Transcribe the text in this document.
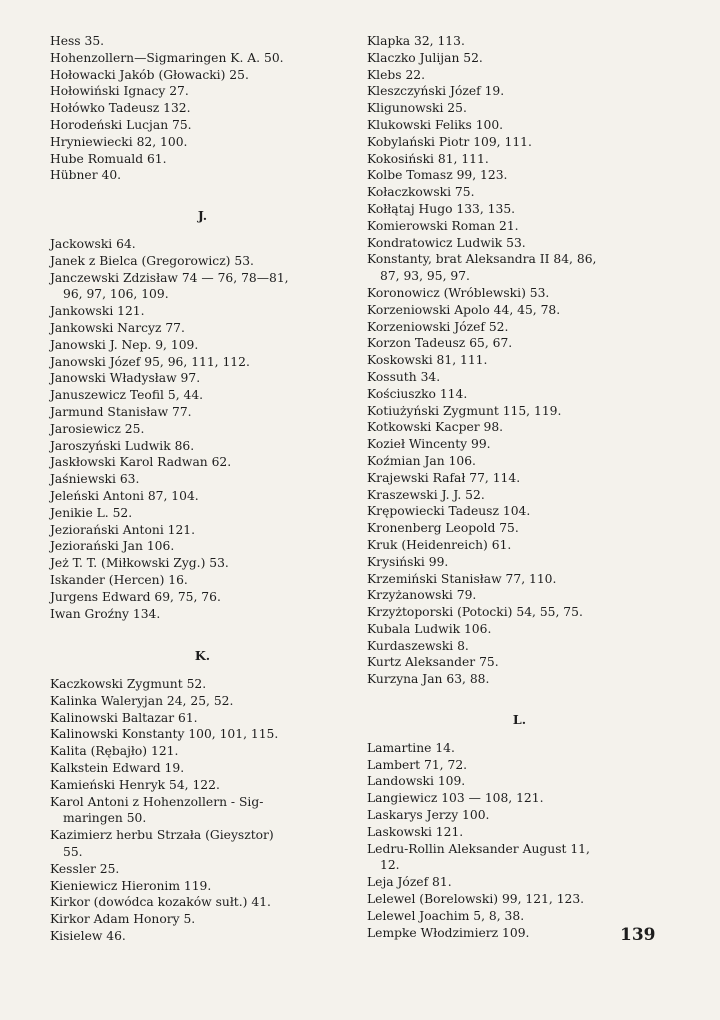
Hess 35.
Hohenzollern—Sigmaringen K. A. 50.
Hołowacki Jakób (Głowacki) 25.
Hołowiński Ignacy 27.
Hołówko Tadeusz 132.
Horodeński Lucjan 75.
Hryniewiecki 82, 100.
Hube Romuald 61.
Hübner 40.
J.
Jackowski 64.
Janek z Bielca (Gregorowicz) 53.
Janczewski Zdzisław 74 — 76, 78—81,
96, 97, 106, 109.
Jankowski 121.
Jankowski Narcyz 77.
Janowski J. Nep. 9, 109.
Janowski Józef 95, 96, 111, 112.
Janowski Władysław 97.
Januszewicz Teofil 5, 44.
Jarmund Stanisław 77.
Jarosiewicz 25.
Jaroszyński Ludwik 86.
Jaskłowski Karol Radwan 62.
Jaśniewski 63.
Jeleński Antoni 87, 104.
Jenikie L. 52.
Jeziorański Antoni 121.
Jeziorański Jan 106.
Jeż T. T. (Miłkowski Zyg.) 53.
Iskander (Hercen) 16.
Jurgens Edward 69, 75, 76.
Iwan Groźny 134.
K.
Kaczkowski Zygmunt 52.
Kalinka Waleryjan 24, 25, 52.
Kalinowski Baltazar 61.
Kalinowski Konstanty 100, 101, 115.
Kalita (Rębajło) 121.
Kalkstein Edward 19.
Kamieński Henryk 54, 122.
Karol Antoni z Hohenzollern - Sig-
maringen 50.
Kazimierz herbu Strzała (Gieysztor)
55.
Kessler 25.
Kieniewicz Hieronim 119.
Kirkor (dowódca kozaków sułt.) 41.
Kirkor Adam Honory 5.
Kisielew 46.
Klapka 32, 113.
Klaczko Julijan 52.
Klebs 22.
Kleszczyński Józef 19.
Kligunowski 25.
Klukowski Feliks 100.
Kobylański Piotr 109, 111.
Kokosiński 81, 111.
Kolbe Tomasz 99, 123.
Kołaczkowski 75.
Kołłątaj Hugo 133, 135.
Komierowski Roman 21.
Kondratowicz Ludwik 53.
Konstanty, brat Aleksandra II 84, 86,
87, 93, 95, 97.
Koronowicz (Wróblewski) 53.
Korzeniowski Apolo 44, 45, 78.
Korzeniowski Józef 52.
Korzon Tadeusz 65, 67.
Koskowski 81, 111.
Kossuth 34.
Kościuszko 114.
Kotiużyński Zygmunt 115, 119.
Kotkowski Kacper 98.
Kozieł Wincenty 99.
Koźmian Jan 106.
Krajewski Rafał 77, 114.
Kraszewski J. J. 52.
Krępowiecki Tadeusz 104.
Kronenberg Leopold 75.
Kruk (Heidenreich) 61.
Krysiński 99.
Krzemiński Stanisław 77, 110.
Krzyżanowski 79.
Krzyżtoporski (Potocki) 54, 55, 75.
Kubala Ludwik 106.
Kurdaszewski 8.
Kurtz Aleksander 75.
Kurzyna Jan 63, 88.
L.
Lamartine 14.
Lambert 71, 72.
Landowski 109.
Langiewicz 103 — 108, 121.
Laskarys Jerzy 100.
Laskowski 121.
Ledru-Rollin Aleksander August 11,
12.
Leja Józef 81.
Lelewel (Borelowski) 99, 121, 123.
Lelewel Joachim 5, 8, 38.
Lempke Włodzimierz 109.	139
